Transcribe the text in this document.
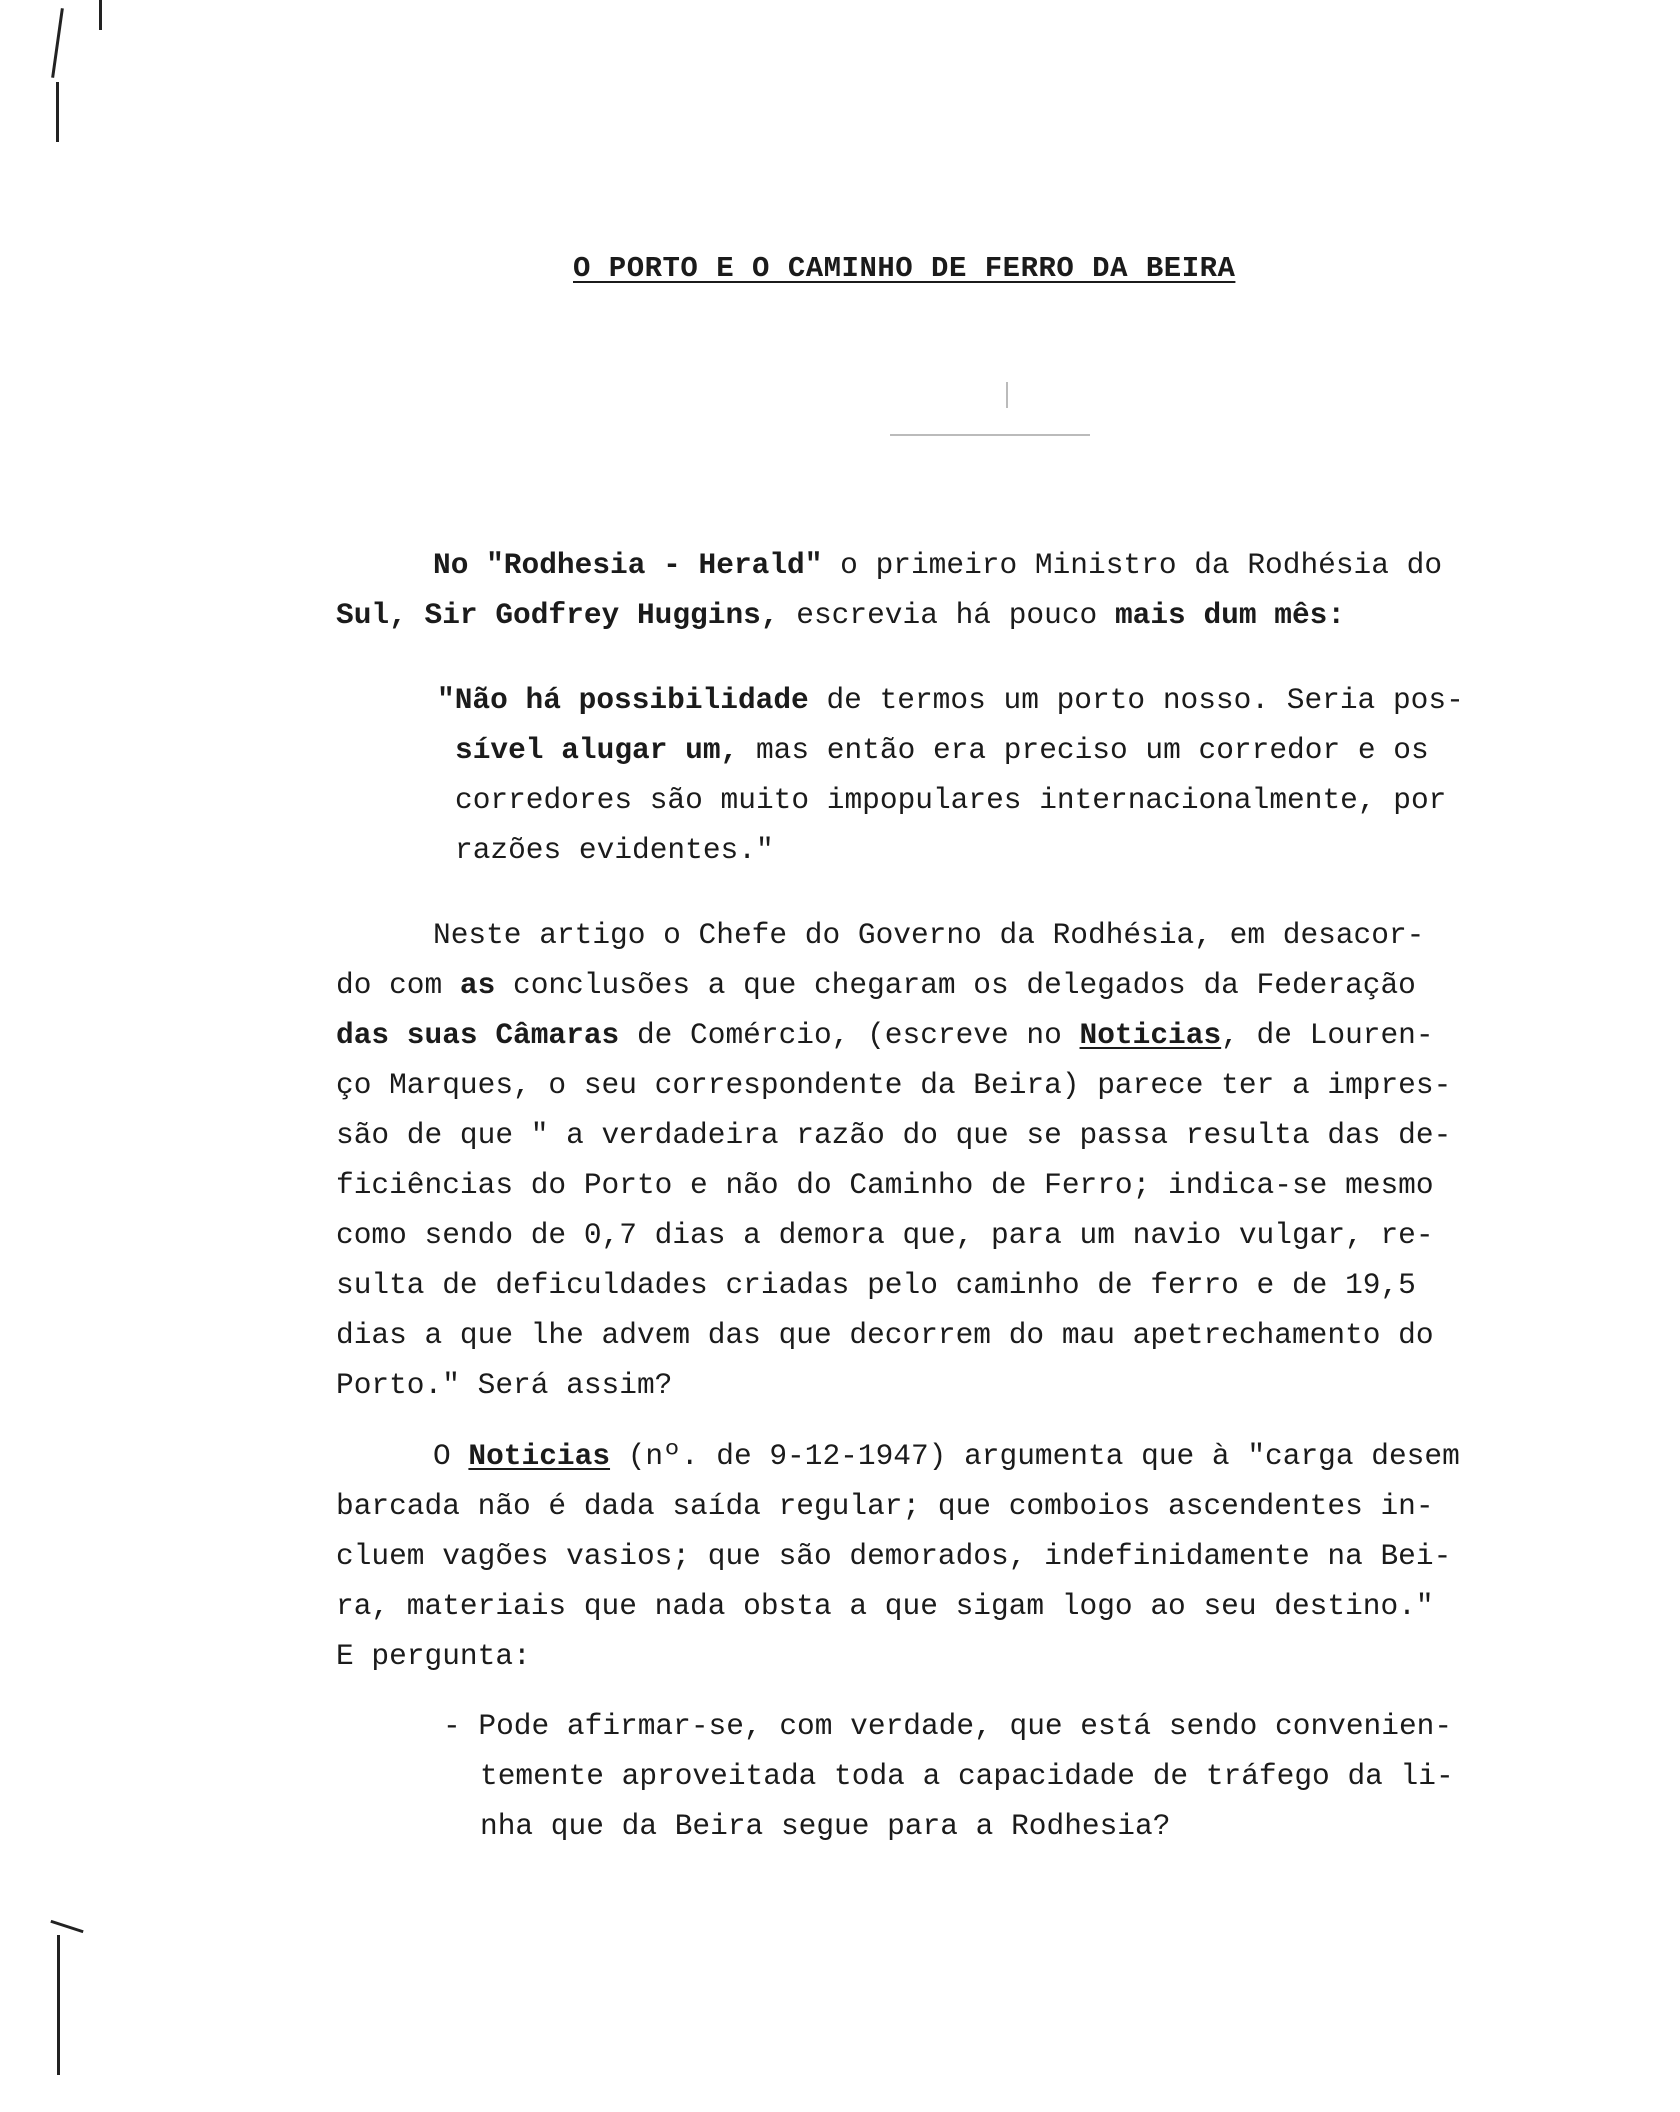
O PORTO E O CAMINHO DE FERRO DA BEIRA
No "Rodhesia - Herald" o primeiro Ministro da Rodhésia do
Sul, Sir Godfrey Huggins, escrevia há pouco mais dum mês:
"Não há possibilidade de termos um porto nosso. Seria pos-
sível alugar um, mas então era preciso um corredor e os
corredores são muito impopulares internacionalmente, por
razões evidentes."
Neste artigo o Chefe do Governo da Rodhésia, em desacor-
do com as conclusões a que chegaram os delegados da Federação
das suas Câmaras de Comércio, (escreve no Noticias, de Louren-
ço Marques, o seu correspondente da Beira) parece ter a impres-
são de que " a verdadeira razão do que se passa resulta das de-
ficiências do Porto e não do Caminho de Ferro; indica-se mesmo
como sendo de 0,7 dias a demora que, para um navio vulgar, re-
sulta de deficuldades criadas pelo caminho de ferro e de 19,5
dias a que lhe advem das que decorrem do mau apetrechamento do
Porto." Será assim?
O Noticias (nº. de 9-12-1947) argumenta que à "carga desem
barcada não é dada saída regular; que comboios ascendentes in-
cluem vagões vasios; que são demorados, indefinidamente na Bei-
ra, materiais que nada obsta a que sigam logo ao seu destino."
E pergunta:
- Pode afirmar-se, com verdade, que está sendo convenien-
temente aproveitada toda a capacidade de tráfego da li-
nha que da Beira segue para a Rodhesia?
